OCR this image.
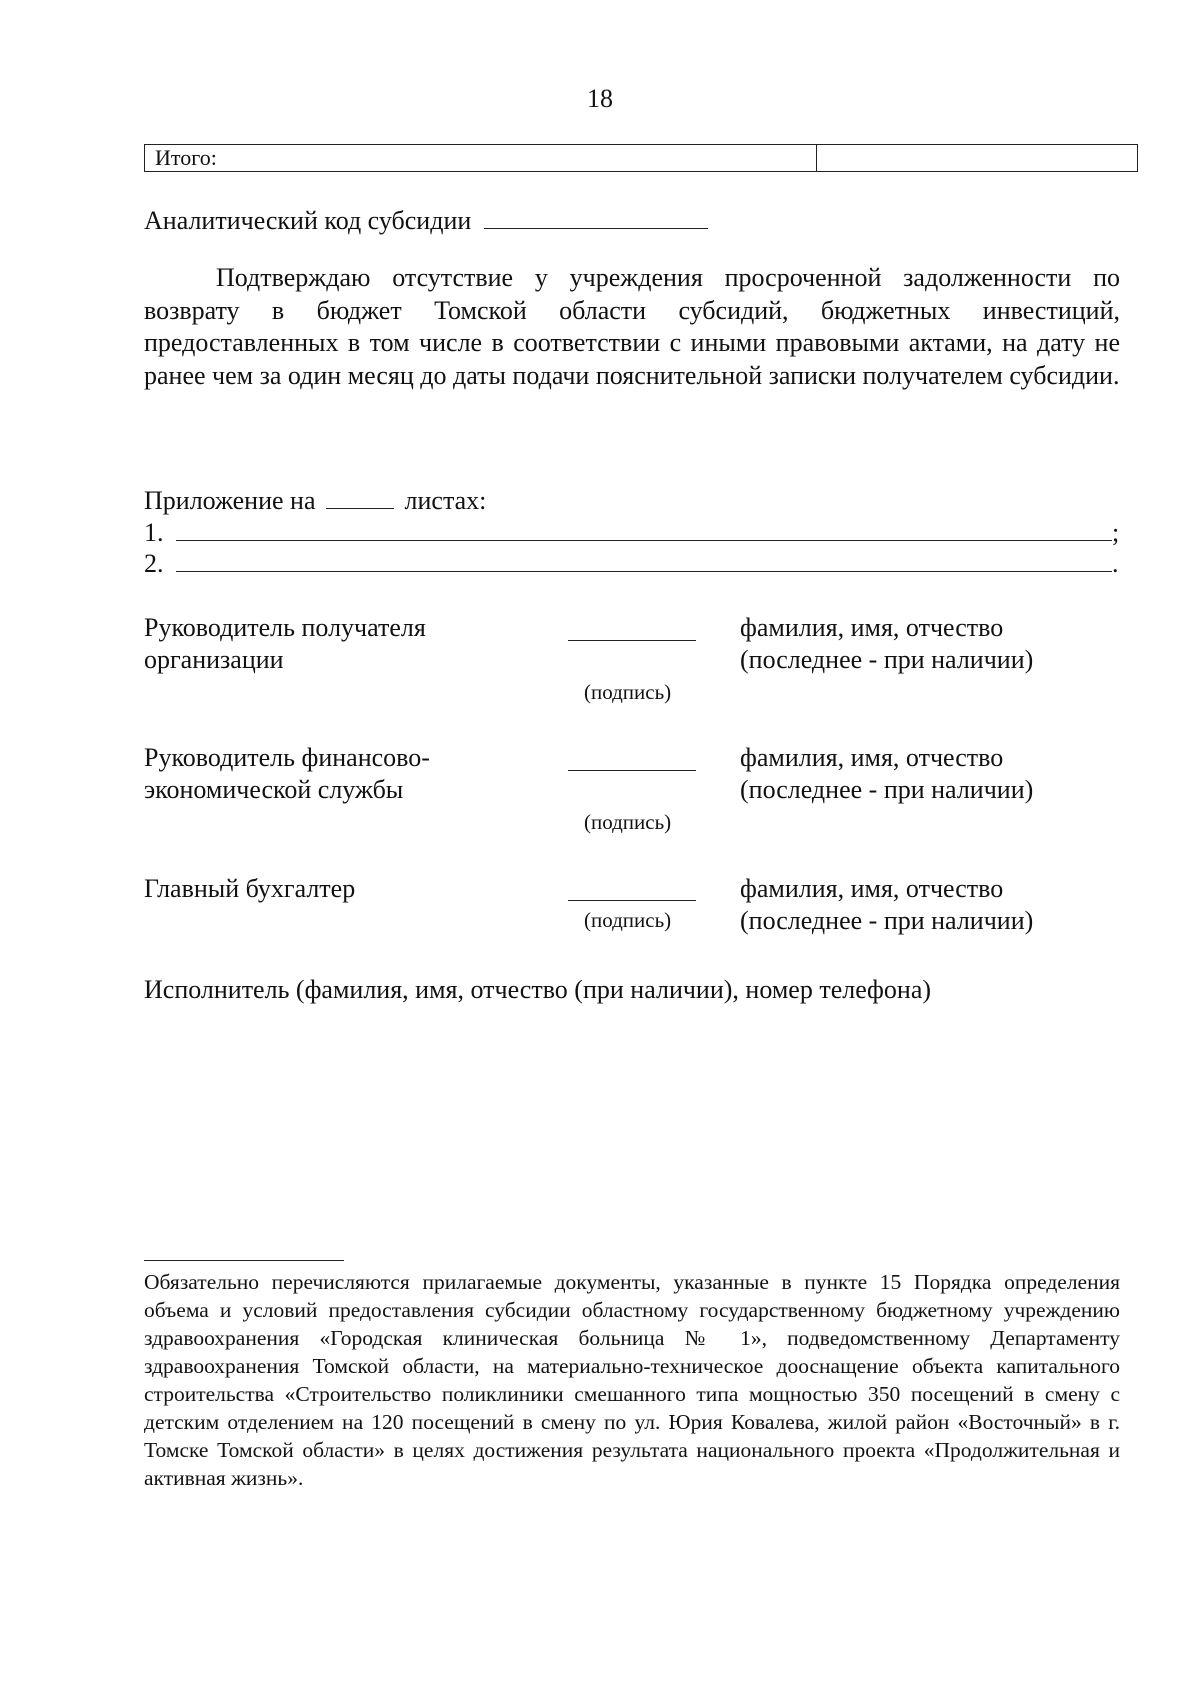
18
Итого:
Аналитический код субсидии

Подтверждаю отсутствие у учреждения просроченной задолженности по возврату в бюджет Томской области субсидий, бюджетных инвестиций, предоставленных в том числе в соответствии с иными правовыми актами, на дату не ранее чем за один месяц до даты подачи пояснительной записки получателем субсидии.

Приложение на	листах:
1.	;
2.	.
Руководитель получателя
организации
(подпись)
фамилия, имя, отчество
(последнее - при наличии)
Руководитель финансово-
экономической службы
(подпись)
фамилия, имя, отчество
(последнее - при наличии)
Главный бухгалтер
(подпись)
фамилия, имя, отчество
(последнее - при наличии)
Исполнитель (фамилия, имя, отчество (при наличии), номер телефона)

Обязательно перечисляются прилагаемые документы, указанные в пункте 15 Порядка определения объема и условий предоставления субсидии областному государственному бюджетному учреждению здравоохранения «Городская клиническая больница № 1», подведомственному Департаменту здравоохранения Томской области, на материально-техническое дооснащение объекта капитального строительства «Строительство поликлиники смешанного типа мощностью 350 посещений в смену с детским отделением на 120 посещений в смену по ул. Юрия Ковалева, жилой район «Восточный» в г. Томске Томской области» в целях достижения результата национального проекта «Продолжительная и активная жизнь».
